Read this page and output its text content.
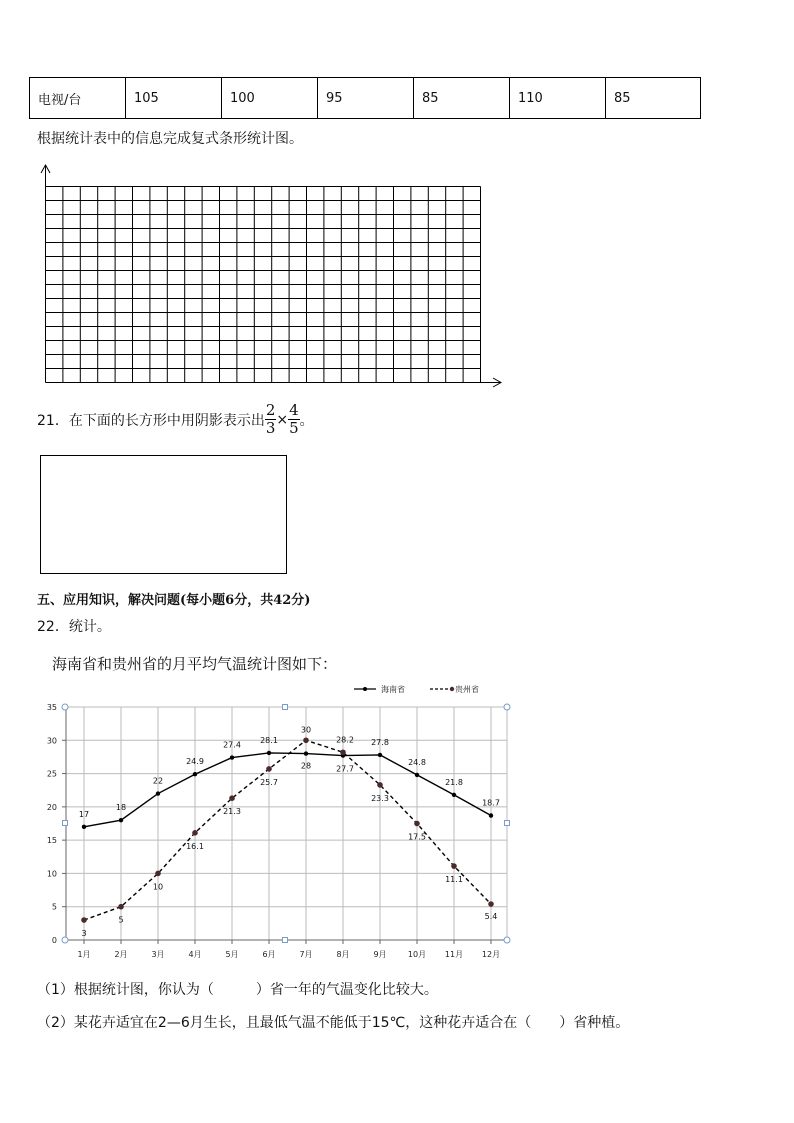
电视/台	105	100	95	85	110	85
根据统计表中的信息完成复式条形统计图。
21．在下面的长方形中用阴影表示出 $\frac{2}{3} \times \frac{4}{5}$ 。
五、应用知识，解决问题(每小题6分，共42分)
22．统计。
海南省和贵州省的月平均气温统计图如下：
0
5
10
15
20
25
30
35
1月	2月	3月	4月	5月	6月	7月	8月	9月	10月 11月 12月
17
18
22
24.9
27.4
28.1
28	27.7
27.8
24.8
21.8
18.7
3
5
10
16.1
21.3
25.7
30
28.2
23.3
17.5
11.1
5.4
海南省	贵州省
（1）根据统计图，你认为（　　　）省一年的气温变化比较大。
（2）某花卉适宜在2—6月生长，且最低气温不能低于15℃，这种花卉适合在（　　）省种植。
